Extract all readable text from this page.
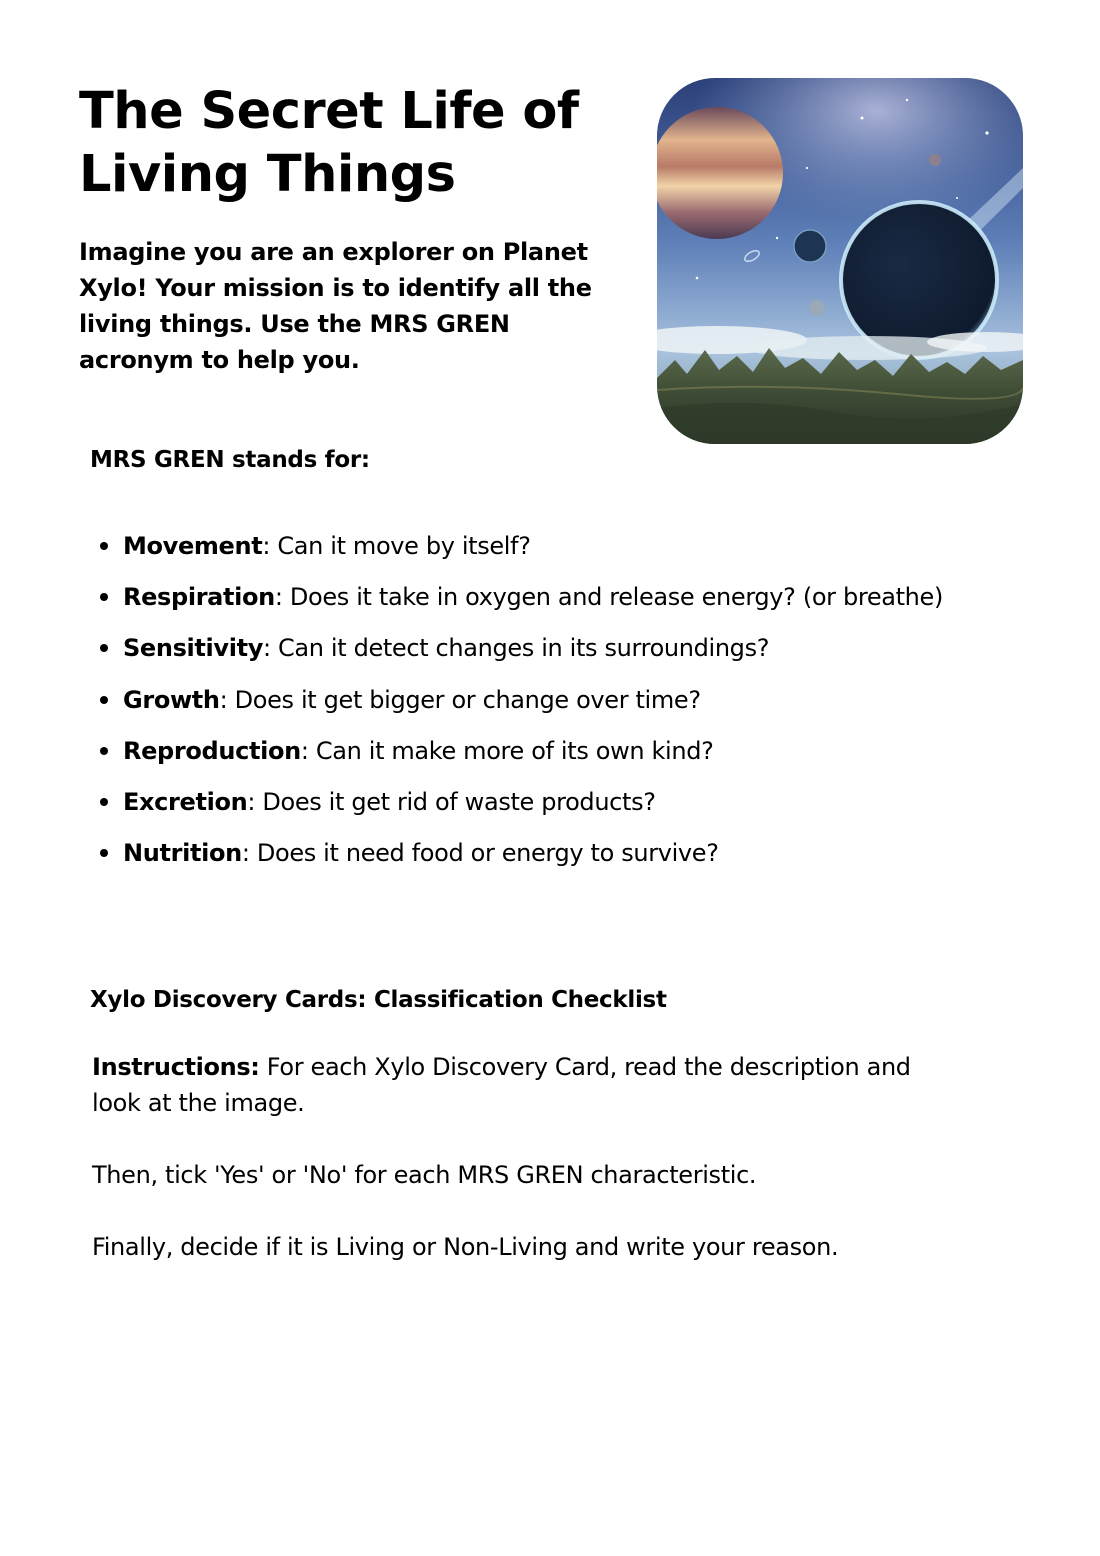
The Secret Life of Living Things

Imagine you are an explorer on Planet Xylo! Your mission is to identify all the living things. Use the MRS GREN acronym to help you.

MRS GREN stands for:
Movement: Can it move by itself?
Respiration: Does it take in oxygen and release energy? (or breathe)
Sensitivity: Can it detect changes in its surroundings?
Growth: Does it get bigger or change over time?
Reproduction: Can it make more of its own kind?
Excretion: Does it get rid of waste products?
Nutrition: Does it need food or energy to survive?
Xylo Discovery Cards: Classification Checklist

Instructions: For each Xylo Discovery Card, read the description and look at the image.

Then, tick 'Yes' or 'No' for each MRS GREN characteristic.

Finally, decide if it is Living or Non-Living and write your reason.
